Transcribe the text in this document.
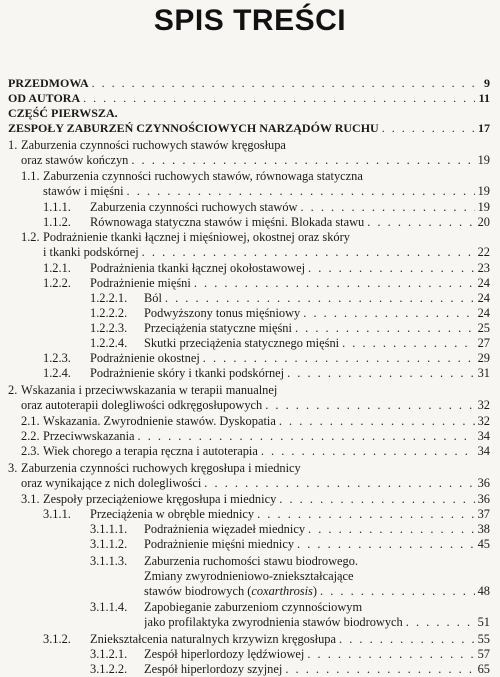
SPIS TREŚCI
PRZEDMOWA . . .	9
OD AUTORA . . .	11
CZĘŚĆ PIERWSZA.
ZESPOŁY ZABURZEŃ CZYNNOŚCIOWYCH NARZĄDÓW RUCHU . . .	17
1. Zaburzenia czynności ruchowych stawów kręgosłupa
oraz stawów kończyn . . .	19
1.1. Zaburzenia czynności ruchowych stawów, równowaga statyczna
stawów i mięśni . . .	19
1.1.1. Zaburzenia czynności ruchowych stawów . . .	19
1.1.2. Równowaga statyczna stawów i mięśni. Blokada stawu . . .	20
1.2. Podrażnienie tkanki łącznej i mięśniowej, okostnej oraz skóry
i tkanki podskórnej . . .	22
1.2.1. Podrażnienia tkanki łącznej okołostawowej . . .	23
1.2.2. Podrażnienie mięśni . . .	24
1.2.2.1. Ból . . .	24
1.2.2.2. Podwyższony tonus mięśniowy . . .	24
1.2.2.3. Przeciążenia statyczne mięśni . . .	25
1.2.2.4. Skutki przeciążenia statycznego mięśni . . .	27
1.2.3. Podrażnienie okostnej . . .	29
1.2.4. Podrażnienie skóry i tkanki podskórnej . . .	31
2. Wskazania i przeciwwskazania w terapii manualnej
oraz autoterapii dolegliwości odkręgosłupowych . . .	32
2.1. Wskazania. Zwyrodnienie stawów. Dyskopatia . . .	32
2.2. Przeciwwskazania . . .	34
2.3. Wiek chorego a terapia ręczna i autoterapia . . .	34
3. Zaburzenia czynności ruchowych kręgosłupa i miednicy
oraz wynikające z nich dolegliwości . . .	36
3.1. Zespoły przeciążeniowe kręgosłupa i miednicy . . .	36
3.1.1. Przeciążenia w obręble miednicy . . .	37
3.1.1.1. Podrażnienia więzadeł miednicy . . .	38
3.1.1.2. Podrażnienie mięśni miednicy . . .	45
3.1.1.3. Zaburzenia ruchomości stawu biodrowego.
Zmiany zwyrodnieniowo-zniekształcające
stawów biodrowych (coxarthrosis) . . .	48
3.1.1.4. Zapobieganie zaburzeniom czynnościowym
jako profilaktyka zwyrodnienia stawów biodrowych . . .	51
3.1.2. Zniekształcenia naturalnych krzywizn kręgosłupa . . .	55
3.1.2.1. Zespół hiperlordozy lędźwiowej . . .	57
3.1.2.2. Zespół hiperlordozy szyjnej . . .	65
